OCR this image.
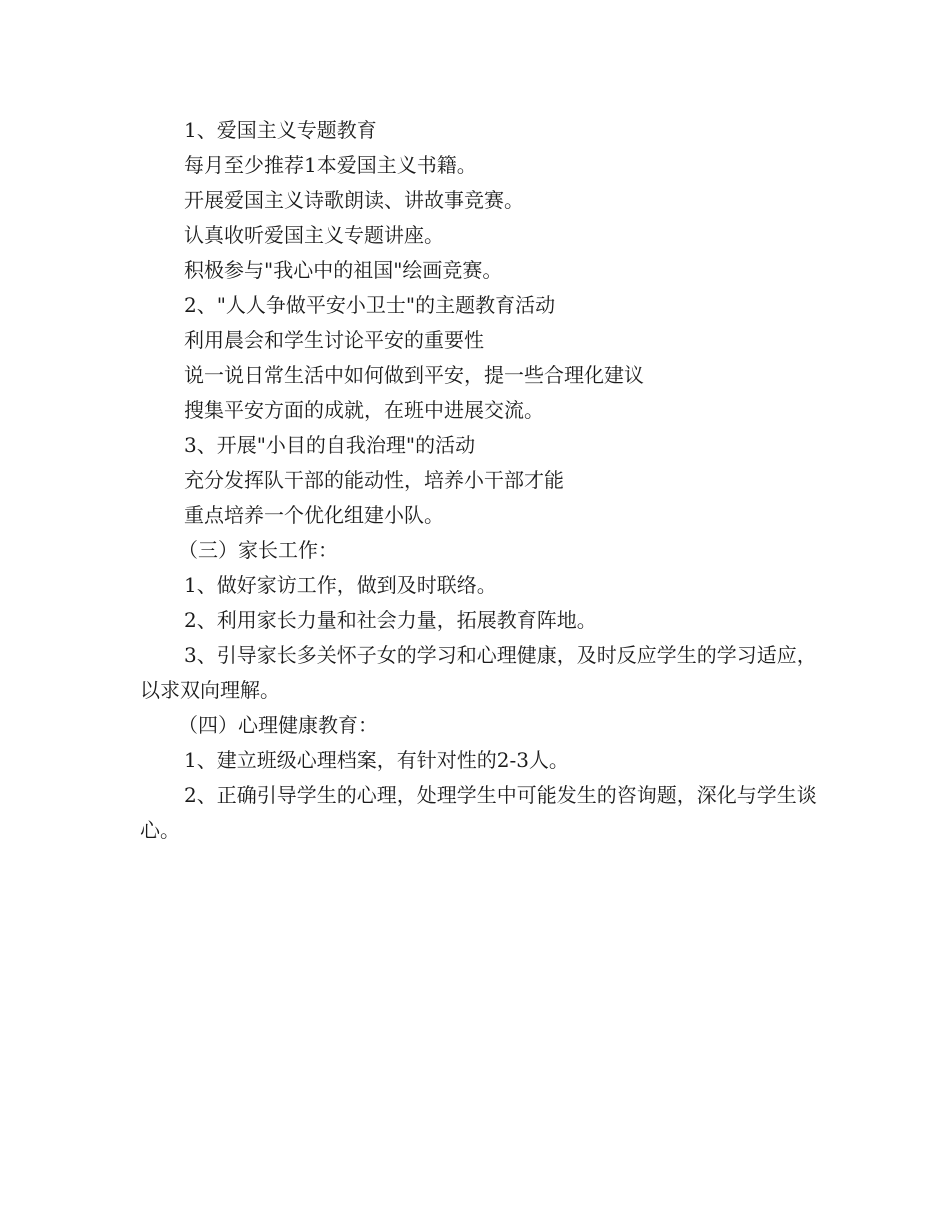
1、爱国主义专题教育

每月至少推荐1本爱国主义书籍。

开展爱国主义诗歌朗读、讲故事竞赛。

认真收听爱国主义专题讲座。

积极参与"我心中的祖国"绘画竞赛。

2、"人人争做平安小卫士"的主题教育活动

利用晨会和学生讨论平安的重要性

说一说日常生活中如何做到平安，提一些合理化建议

搜集平安方面的成就，在班中进展交流。

3、开展"小目的自我治理"的活动

充分发挥队干部的能动性，培养小干部才能

重点培养一个优化组建小队。

（三）家长工作：

1、做好家访工作，做到及时联络。

2、利用家长力量和社会力量，拓展教育阵地。

3、引导家长多关怀子女的学习和心理健康，及时反应学生的学习适应，以求双向理解。

（四）心理健康教育：

1、建立班级心理档案，有针对性的2-3人。

2、正确引导学生的心理，处理学生中可能发生的咨询题，深化与学生谈心。
